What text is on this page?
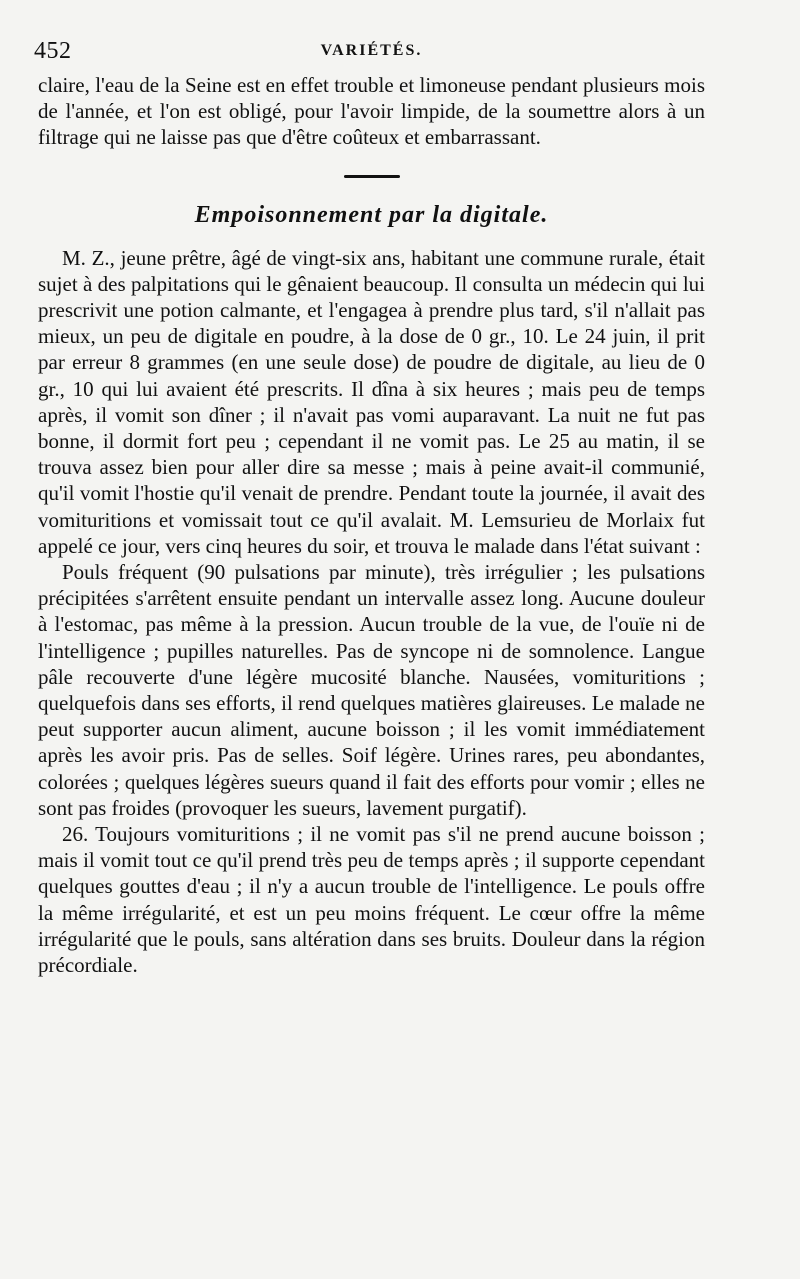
452	VARIÉTÉS.

claire, l'eau de la Seine est en effet trouble et limoneuse pendant plusieurs mois de l'année, et l'on est obligé, pour l'avoir limpide, de la soumettre alors à un filtrage qui ne laisse pas que d'être coûteux et embarrassant.

Empoisonnement par la digitale.

M. Z., jeune prêtre, âgé de vingt-six ans, habitant une commune rurale, était sujet à des palpitations qui le gênaient beaucoup. Il consulta un médecin qui lui prescrivit une potion calmante, et l'engagea à prendre plus tard, s'il n'allait pas mieux, un peu de digitale en poudre, à la dose de 0 gr., 10. Le 24 juin, il prit par erreur 8 grammes (en une seule dose) de poudre de digitale, au lieu de 0 gr., 10 qui lui avaient été prescrits. Il dîna à six heures ; mais peu de temps après, il vomit son dîner ; il n'avait pas vomi auparavant. La nuit ne fut pas bonne, il dormit fort peu ; cependant il ne vomit pas. Le 25 au matin, il se trouva assez bien pour aller dire sa messe ; mais à peine avait-il communié, qu'il vomit l'hostie qu'il venait de prendre. Pendant toute la journée, il avait des vomituritions et vomissait tout ce qu'il avalait. M. Lemsurieu de Morlaix fut appelé ce jour, vers cinq heures du soir, et trouva le malade dans l'état suivant :

Pouls fréquent (90 pulsations par minute), très irrégulier ; les pulsations précipitées s'arrêtent ensuite pendant un intervalle assez long. Aucune douleur à l'estomac, pas même à la pression. Aucun trouble de la vue, de l'ouïe ni de l'intelligence ; pupilles naturelles. Pas de syncope ni de somnolence. Langue pâle recouverte d'une légère mucosité blanche. Nausées, vomituritions ; quelquefois dans ses efforts, il rend quelques matières glaireuses. Le malade ne peut supporter aucun aliment, aucune boisson ; il les vomit immédiatement après les avoir pris. Pas de selles. Soif légère. Urines rares, peu abondantes, colorées ; quelques légères sueurs quand il fait des efforts pour vomir ; elles ne sont pas froides (provoquer les sueurs, lavement purgatif).

26. Toujours vomituritions ; il ne vomit pas s'il ne prend aucune boisson ; mais il vomit tout ce qu'il prend très peu de temps après ; il supporte cependant quelques gouttes d'eau ; il n'y a aucun trouble de l'intelligence. Le pouls offre la même irrégularité, et est un peu moins fréquent. Le cœur offre la même irrégularité que le pouls, sans altération dans ses bruits. Douleur dans la région précordiale.
